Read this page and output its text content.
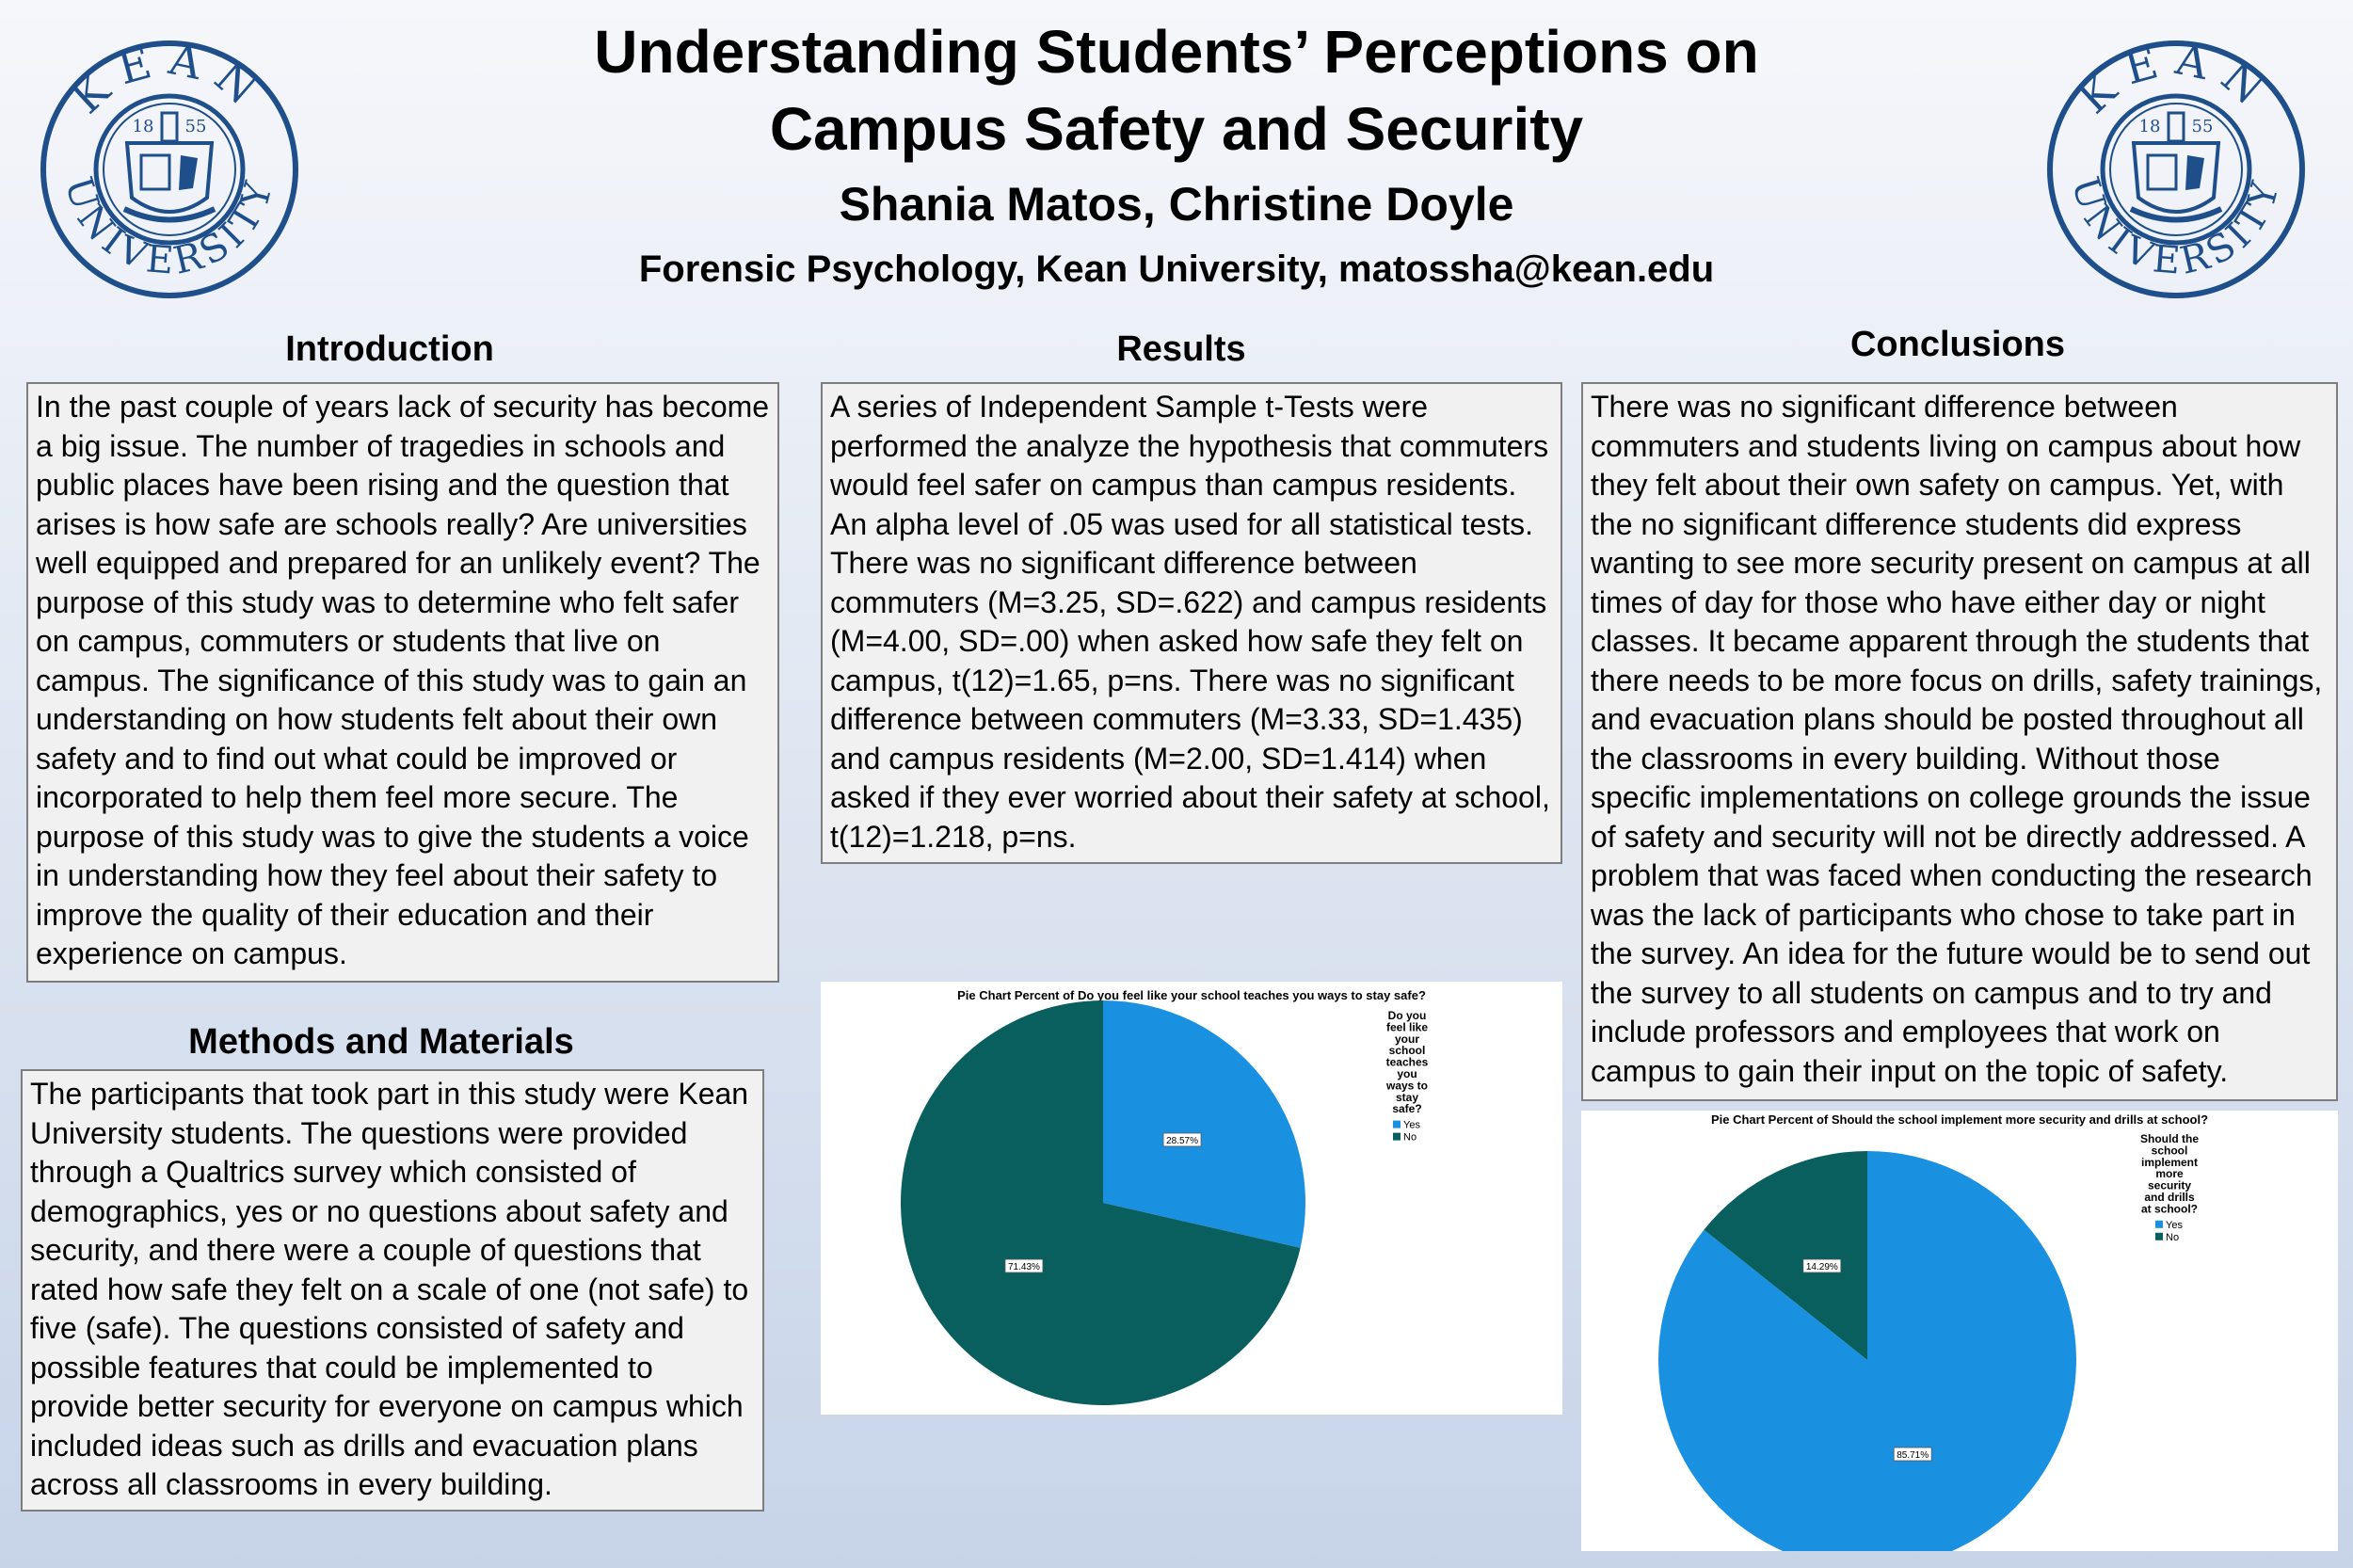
KEAN
UNIVERSITY
18 55
KEAN
UNIVERSITY
18 55
Understanding Students’ Perceptions on
Campus Safety and Security
Shania Matos, Christine Doyle
Forensic Psychology, Kean University, matossha@kean.edu
Introduction
In the past couple of years lack of security has become a big issue. The number of tragedies in schools and public places have been rising and the question that arises is how safe are schools really? Are universities well equipped and prepared for an unlikely event? The purpose of this study was to determine who felt safer on campus, commuters or students that live on campus. The significance of this study was to gain an understanding on how students felt about their own safety and to find out what could be improved or incorporated to help them feel more secure. The purpose of this study was to give the students a voice in understanding how they feel about their safety to improve the quality of their education and their experience on campus.
Methods and Materials
The participants that took part in this study were Kean University students. The questions were provided through a Qualtrics survey which consisted of demographics, yes or no questions about safety and security, and there were a couple of questions that rated how safe they felt on a scale of one (not safe) to five (safe). The questions consisted of safety and possible features that could be implemented to provide better security for everyone on campus which included ideas such as drills and evacuation plans across all classrooms in every building.
Results
A series of Independent Sample t-Tests were performed the analyze the hypothesis that commuters would feel safer on campus than campus residents. An alpha level of .05 was used for all statistical tests. There was no significant difference between commuters (M=3.25, SD=.622) and campus residents (M=4.00, SD=.00) when asked how safe they felt on campus, t(12)=1.65, p=ns. There was no significant difference between commuters (M=3.33, SD=1.435) and campus residents (M=2.00, SD=1.414) when asked if they ever worried about their safety at school, t(12)=1.218, p=ns.
Conclusions
There was no significant difference between commuters and students living on campus about how they felt about their own safety on campus. Yet, with the no significant difference students did express wanting to see more security present on campus at all times of day for those who have either day or night classes. It became apparent through the students that there needs to be more focus on drills, safety trainings, and evacuation plans should be posted throughout all the classrooms in every building. Without those specific implementations on college grounds the issue of safety and security will not be directly addressed. A problem that was faced when conducting the research was the lack of participants who chose to take part in the survey. An idea for the future would be to send out the survey to all students on campus and to try and include professors and employees that work on campus to gain their input on the topic of safety.
Pie Chart Percent of Do you feel like your school teaches you ways to stay safe?
28.57%
71.43%
Do you
feel like
your
school
teaches
you
ways to
stay
safe?
Yes
No
Pie Chart Percent of Should the school implement more security and drills at school?
85.71%
14.29%
Should the
school
implement
more
security
and drills
at school?
Yes
No
